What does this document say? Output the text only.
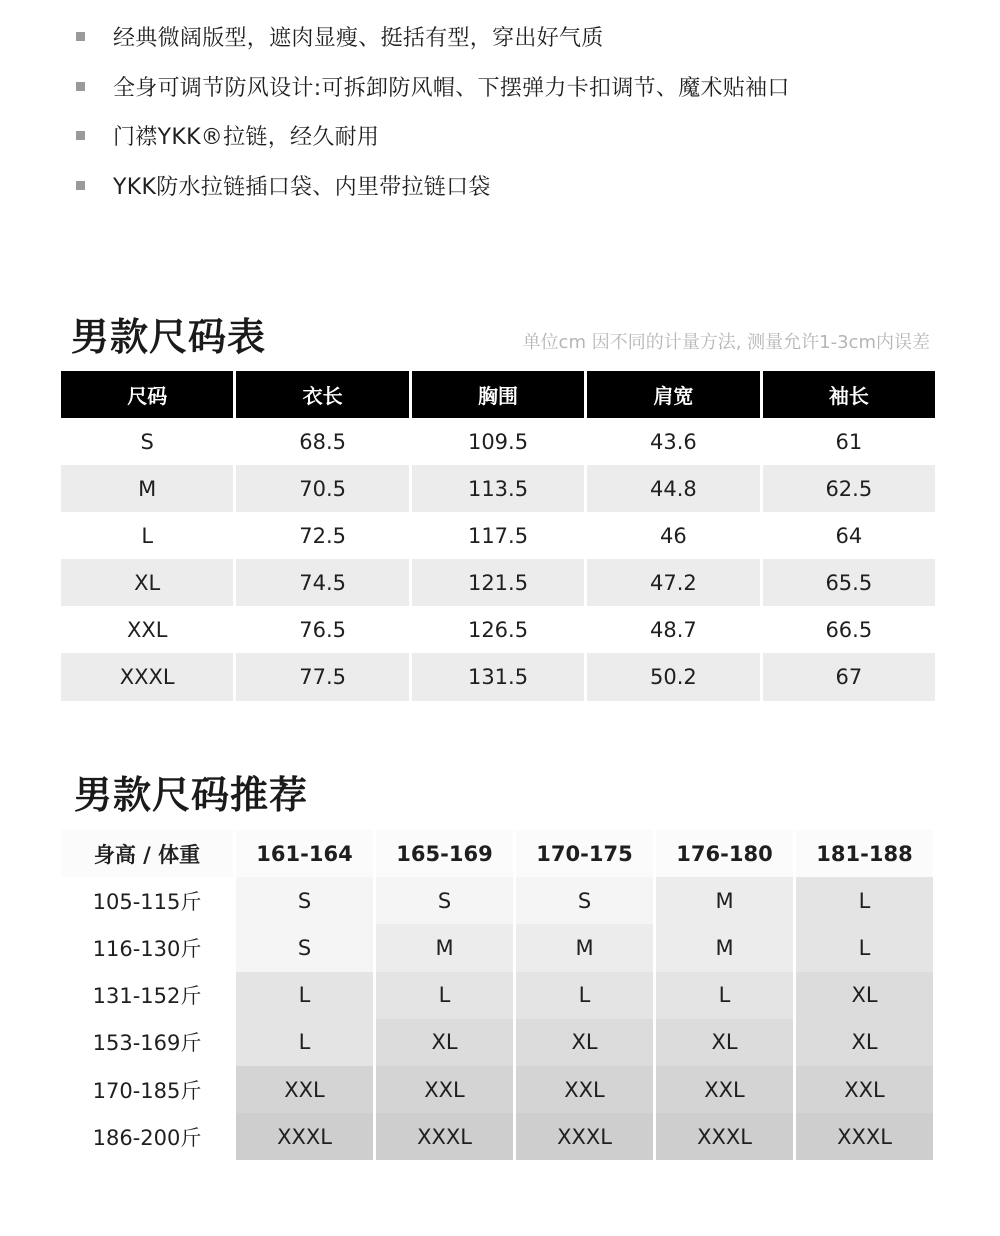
经典微阔版型，遮肉显瘦、挺括有型，穿出好气质
全身可调节防风设计:可拆卸防风帽、下摆弹力卡扣调节、魔术贴袖口
门襟YKK®拉链，经久耐用
YKK防水拉链插口袋、内里带拉链口袋
男款尺码表	单位cm 因不同的计量方法, 测量允许1-3cm内误差
尺码	衣长	胸围	肩宽	袖长
S	68.5	109.5	43.6	61
M	70.5	113.5	44.8	62.5
L	72.5	117.5	46	64
XL	74.5	121.5	47.2	65.5
XXL	76.5	126.5	48.7	66.5
XXXL	77.5	131.5	50.2	67
男款尺码推荐
身高 / 体重	161-164	165-169	170-175	176-180	181-188
105-115斤	S	S	S	M	L
116-130斤	S	M	M	M	L
131-152斤	L	L	L	L	XL
153-169斤	L	XL	XL	XL	XL
170-185斤	XXL	XXL	XXL	XXL	XXL
186-200斤	XXXL	XXXL	XXXL	XXXL	XXXL
